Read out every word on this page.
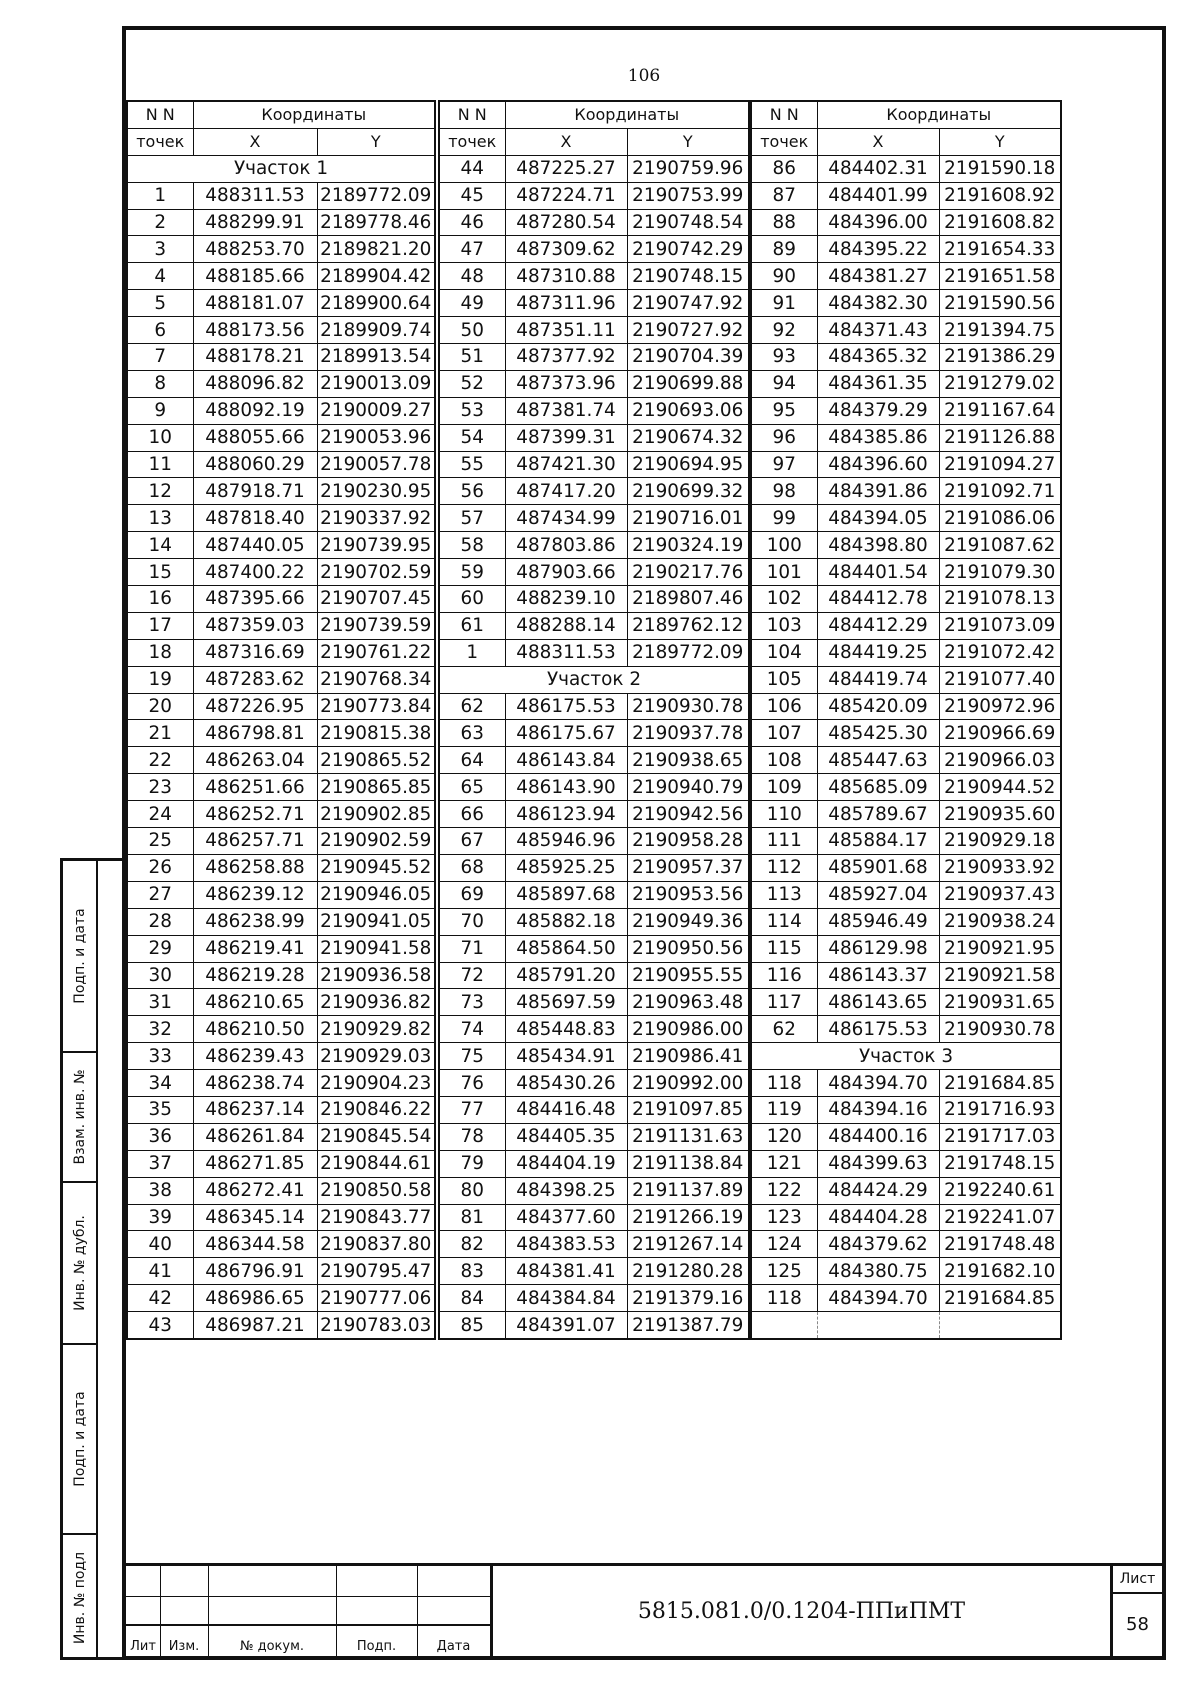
106
N N	Координаты	
точек	X	Y
Участок 1		
1	488311.53	2189772.09
2	488299.91	2189778.46
3	488253.70	2189821.20
4	488185.66	2189904.42
5	488181.07	2189900.64
6	488173.56	2189909.74
7	488178.21	2189913.54
8	488096.82	2190013.09
9	488092.19	2190009.27
10	488055.66	2190053.96
11	488060.29	2190057.78
12	487918.71	2190230.95
13	487818.40	2190337.92
14	487440.05	2190739.95
15	487400.22	2190702.59
16	487395.66	2190707.45
17	487359.03	2190739.59
18	487316.69	2190761.22
19	487283.62	2190768.34
20	487226.95	2190773.84
21	486798.81	2190815.38
22	486263.04	2190865.52
23	486251.66	2190865.85
24	486252.71	2190902.85
25	486257.71	2190902.59
26	486258.88	2190945.52
27	486239.12	2190946.05
28	486238.99	2190941.05
29	486219.41	2190941.58
30	486219.28	2190936.58
31	486210.65	2190936.82
32	486210.50	2190929.82
33	486239.43	2190929.03
34	486238.74	2190904.23
35	486237.14	2190846.22
36	486261.84	2190845.54
37	486271.85	2190844.61
38	486272.41	2190850.58
39	486345.14	2190843.77
40	486344.58	2190837.80
41	486796.91	2190795.47
42	486986.65	2190777.06
43	486987.21	2190783.03
N N	Координаты	
точек	X	Y
44	487225.27	2190759.96
45	487224.71	2190753.99
46	487280.54	2190748.54
47	487309.62	2190742.29
48	487310.88	2190748.15
49	487311.96	2190747.92
50	487351.11	2190727.92
51	487377.92	2190704.39
52	487373.96	2190699.88
53	487381.74	2190693.06
54	487399.31	2190674.32
55	487421.30	2190694.95
56	487417.20	2190699.32
57	487434.99	2190716.01
58	487803.86	2190324.19
59	487903.66	2190217.76
60	488239.10	2189807.46
61	488288.14	2189762.12
1	488311.53	2189772.09
Участок 2		
62	486175.53	2190930.78
63	486175.67	2190937.78
64	486143.84	2190938.65
65	486143.90	2190940.79
66	486123.94	2190942.56
67	485946.96	2190958.28
68	485925.25	2190957.37
69	485897.68	2190953.56
70	485882.18	2190949.36
71	485864.50	2190950.56
72	485791.20	2190955.55
73	485697.59	2190963.48
74	485448.83	2190986.00
75	485434.91	2190986.41
76	485430.26	2190992.00
77	484416.48	2191097.85
78	484405.35	2191131.63
79	484404.19	2191138.84
80	484398.25	2191137.89
81	484377.60	2191266.19
82	484383.53	2191267.14
83	484381.41	2191280.28
84	484384.84	2191379.16
85	484391.07	2191387.79
N N	Координаты	
точек	X	Y
86	484402.31	2191590.18
87	484401.99	2191608.92
88	484396.00	2191608.82
89	484395.22	2191654.33
90	484381.27	2191651.58
91	484382.30	2191590.56
92	484371.43	2191394.75
93	484365.32	2191386.29
94	484361.35	2191279.02
95	484379.29	2191167.64
96	484385.86	2191126.88
97	484396.60	2191094.27
98	484391.86	2191092.71
99	484394.05	2191086.06
100	484398.80	2191087.62
101	484401.54	2191079.30
102	484412.78	2191078.13
103	484412.29	2191073.09
104	484419.25	2191072.42
105	484419.74	2191077.40
106	485420.09	2190972.96
107	485425.30	2190966.69
108	485447.63	2190966.03
109	485685.09	2190944.52
110	485789.67	2190935.60
111	485884.17	2190929.18
112	485901.68	2190933.92
113	485927.04	2190937.43
114	485946.49	2190938.24
115	486129.98	2190921.95
116	486143.37	2190921.58
117	486143.65	2190931.65
62	486175.53	2190930.78
Участок 3		
118	484394.70	2191684.85
119	484394.16	2191716.93
120	484400.16	2191717.03
121	484399.63	2191748.15
122	484424.29	2192240.61
123	484404.28	2192241.07
124	484379.62	2191748.48
125	484380.75	2191682.10
118	484394.70	2191684.85

Лит Изм.	№ докум.	Подп.	Дата
5815.081.0/0.1204-ППиПМТ
Лист
58
Подп. и дата
Взам. инв. №
Инв. № дубл.
Подп. и дата
Инв. № подл
